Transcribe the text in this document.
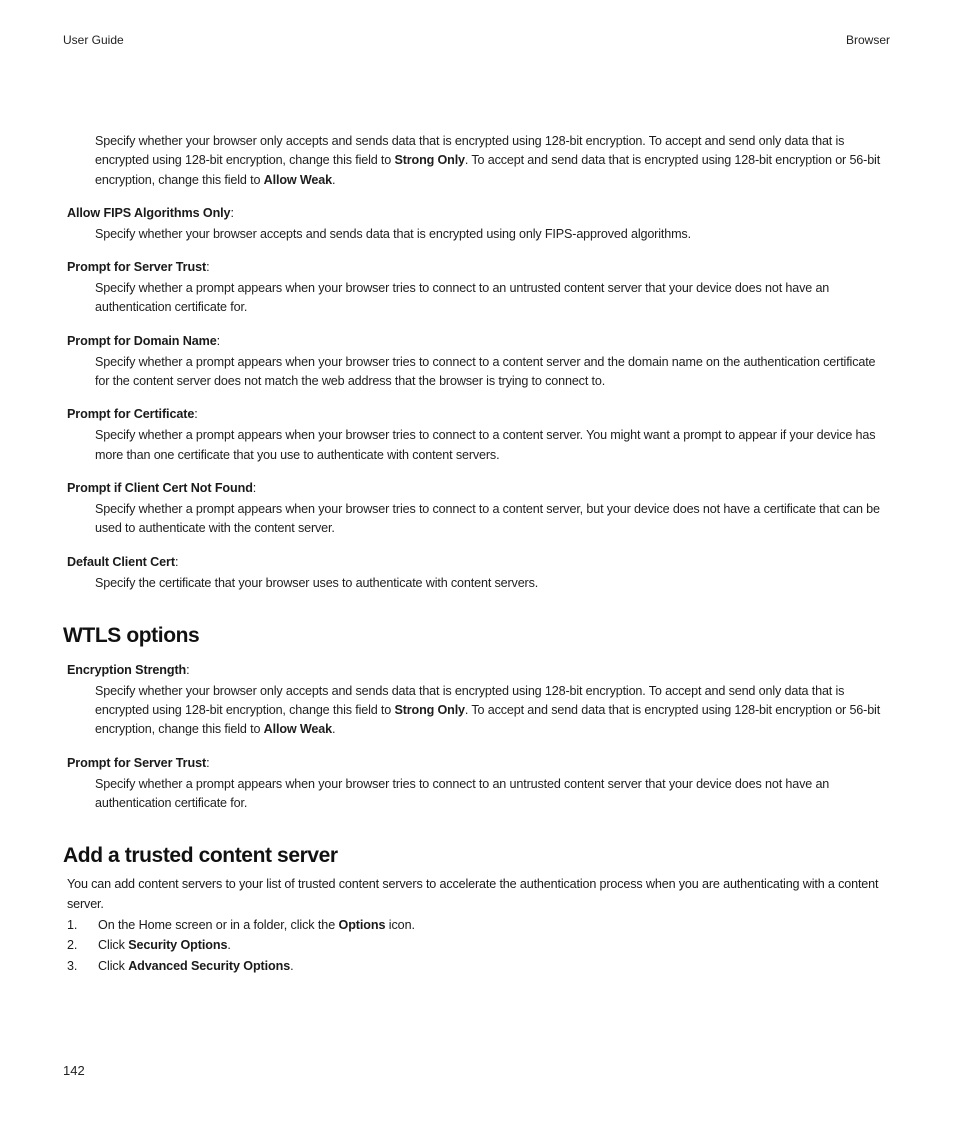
User Guide	Browser

Specify whether your browser only accepts and sends data that is encrypted using 128-bit encryption. To accept and send only data that is encrypted using 128-bit encryption, change this field to Strong Only. To accept and send data that is encrypted using 128-bit encryption or 56-bit encryption, change this field to Allow Weak.

Allow FIPS Algorithms Only:

Specify whether your browser accepts and sends data that is encrypted using only FIPS-approved algorithms.

Prompt for Server Trust:

Specify whether a prompt appears when your browser tries to connect to an untrusted content server that your device does not have an authentication certificate for.

Prompt for Domain Name:

Specify whether a prompt appears when your browser tries to connect to a content server and the domain name on the authentication certificate for the content server does not match the web address that the browser is trying to connect to.

Prompt for Certificate:

Specify whether a prompt appears when your browser tries to connect to a content server. You might want a prompt to appear if your device has more than one certificate that you use to authenticate with content servers.

Prompt if Client Cert Not Found:

Specify whether a prompt appears when your browser tries to connect to a content server, but your device does not have a certificate that can be used to authenticate with the content server.

Default Client Cert:

Specify the certificate that your browser uses to authenticate with content servers.

WTLS options
Encryption Strength:

Specify whether your browser only accepts and sends data that is encrypted using 128-bit encryption. To accept and send only data that is encrypted using 128-bit encryption, change this field to Strong Only. To accept and send data that is encrypted using 128-bit encryption or 56-bit encryption, change this field to Allow Weak.

Prompt for Server Trust:

Specify whether a prompt appears when your browser tries to connect to an untrusted content server that your device does not have an authentication certificate for.

Add a trusted content server

You can add content servers to your list of trusted content servers to accelerate the authentication process when you are authenticating with a content server.

1. On the Home screen or in a folder, click the Options icon.
2. Click Security Options.
3. Click Advanced Security Options.
142
